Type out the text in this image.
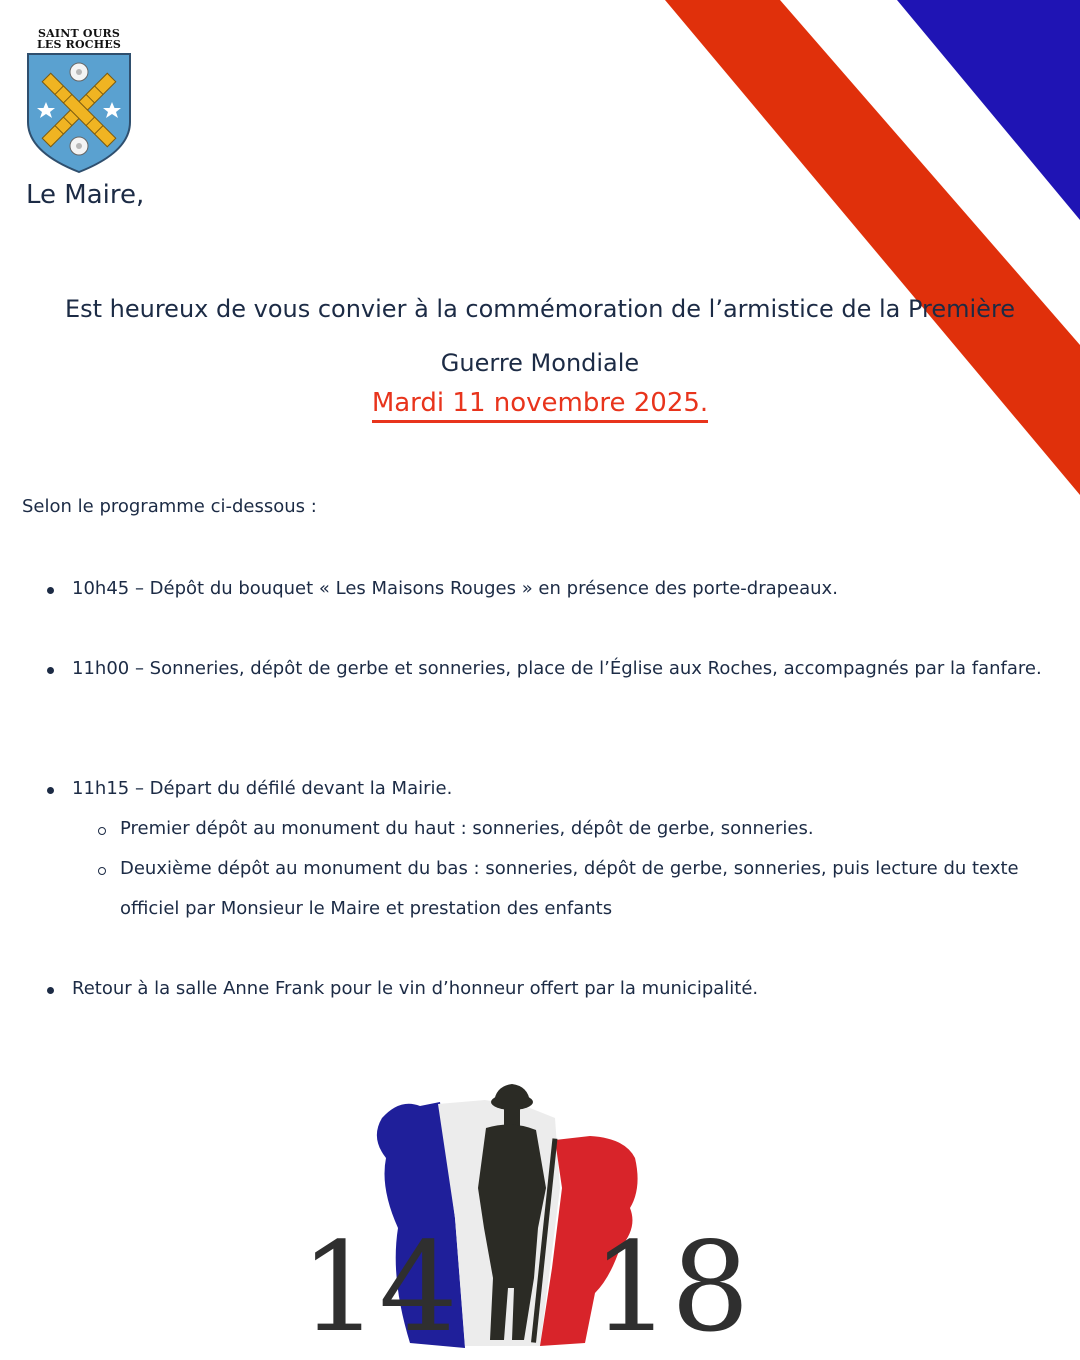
SAINT OURS
LES ROCHES
Le Maire,
Est heureux de vous convier à la commémoration de l’armistice de la Première Guerre Mondiale
Mardi 11 novembre 2025.
Selon le programme ci-dessous :
10h45 – Dépôt du bouquet « Les Maisons Rouges » en présence des porte-drapeaux.
11h00 – Sonneries, dépôt de gerbe et sonneries, place de l’Église aux Roches, accompagnés par la fanfare.
11h15 – Départ du défilé devant la Mairie.
Premier dépôt au monument du haut : sonneries, dépôt de gerbe, sonneries.
Deuxième dépôt au monument du bas : sonneries, dépôt de gerbe, sonneries, puis lecture du texte officiel par Monsieur le Maire et prestation des enfants
Retour à la salle Anne Frank pour le vin d’honneur offert par la municipalité.
14 18
